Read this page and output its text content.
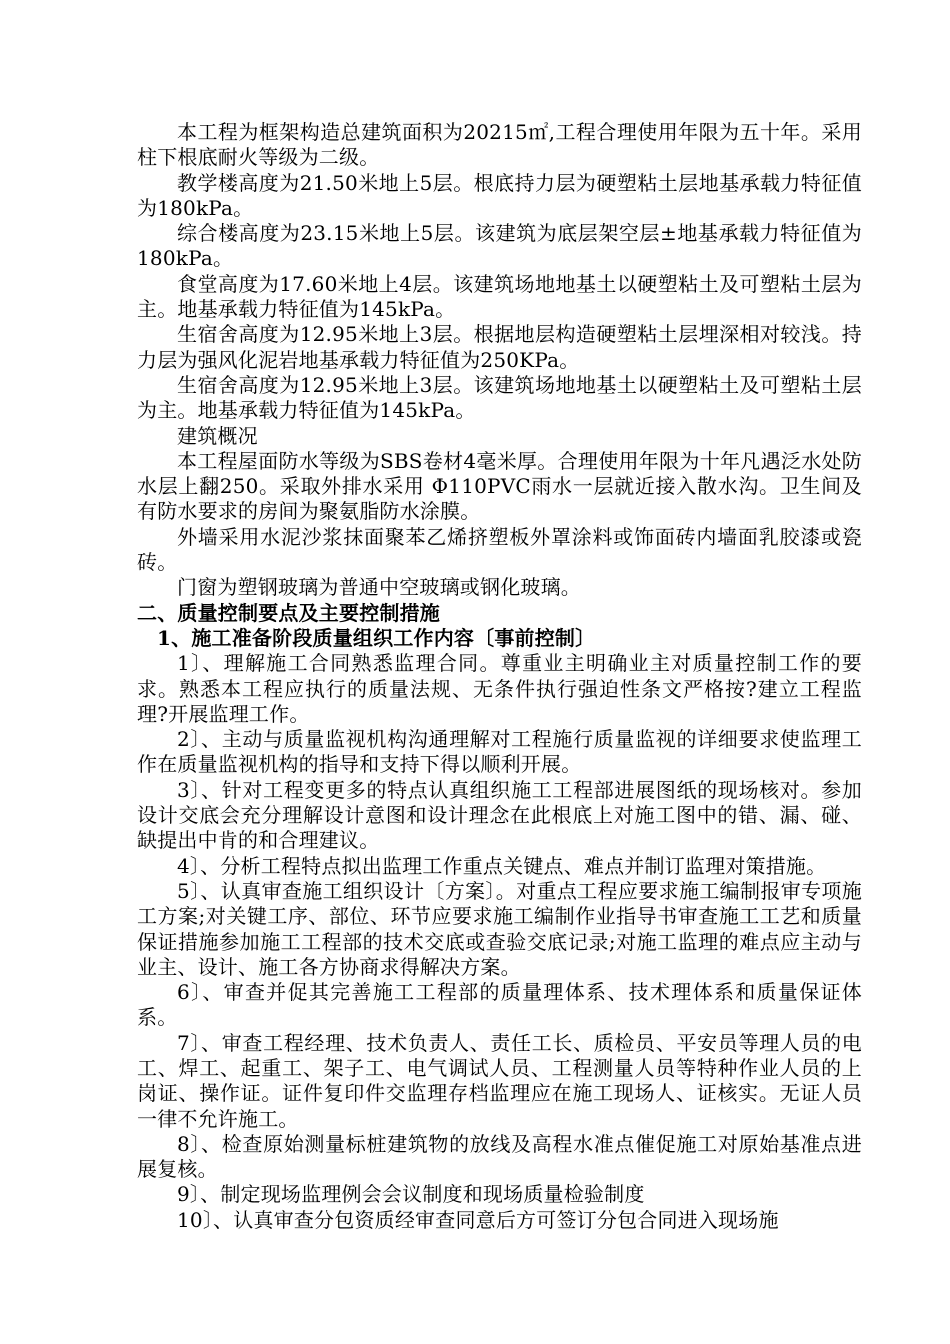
本工程为框架构造总建筑面积为20215㎡,工程合理使用年限为五十年。采用柱下根底耐火等级为二级。

教学楼高度为21.50米地上5层。根底持力层为硬塑粘土层地基承载力特征值为180kPa。

综合楼高度为23.15米地上5层。该建筑为底层架空层±地基承载力特征值为180kPa。

食堂高度为17.60米地上4层。该建筑场地地基土以硬塑粘土及可塑粘土层为主。地基承载力特征值为145kPa。

生宿舍高度为12.95米地上3层。根据地层构造硬塑粘土层埋深相对较浅。持力层为强风化泥岩地基承载力特征值为250KPa。

生宿舍高度为12.95米地上3层。该建筑场地地基土以硬塑粘土及可塑粘土层为主。地基承载力特征值为145kPa。

建筑概况

本工程屋面防水等级为SBS卷材4毫米厚。合理使用年限为十年凡遇泛水处防水层上翻250。采取外排水采用 Φ110PVC雨水一层就近接入散水沟。卫生间及有防水要求的房间为聚氨脂防水涂膜。

外墙采用水泥沙浆抹面聚苯乙烯挤塑板外罩涂料或饰面砖内墙面乳胶漆或瓷砖。

门窗为塑钢玻璃为普通中空玻璃或钢化玻璃。

二、质量控制要点及主要控制措施
1、施工准备阶段质量组织工作内容〔事前控制〕

1〕、理解施工合同熟悉监理合同。尊重业主明确业主对质量控制工作的要求。熟悉本工程应执行的质量法规、无条件执行强迫性条文严格按?建立工程监理?开展监理工作。

2〕、主动与质量监视机构沟通理解对工程施行质量监视的详细要求使监理工作在质量监视机构的指导和支持下得以顺利开展。

3〕、针对工程变更多的特点认真组织施工工程部进展图纸的现场核对。参加设计交底会充分理解设计意图和设计理念在此根底上对施工图中的错、漏、碰、缺提出中肯的和合理建议。

4〕、分析工程特点拟出监理工作重点关键点、难点并制订监理对策措施。

5〕、认真审查施工组织设计〔方案〕。对重点工程应要求施工编制报审专项施工方案;对关键工序、部位、环节应要求施工编制作业指导书审查施工工艺和质量保证措施参加施工工程部的技术交底或查验交底记录;对施工监理的难点应主动与业主、设计、施工各方协商求得解决方案。

6〕、审查并促其完善施工工程部的质量理体系、技术理体系和质量保证体系。

7〕、审查工程经理、技术负责人、责任工长、质检员、平安员等理人员的电工、焊工、起重工、架子工、电气调试人员、工程测量人员等特种作业人员的上岗证、操作证。证件复印件交监理存档监理应在施工现场人、证核实。无证人员一律不允许施工。

8〕、检查原始测量标桩建筑物的放线及高程水准点催促施工对原始基准点进展复核。

9〕、制定现场监理例会会议制度和现场质量检验制度

10〕、认真审查分包资质经审查同意后方可签订分包合同进入现场施
